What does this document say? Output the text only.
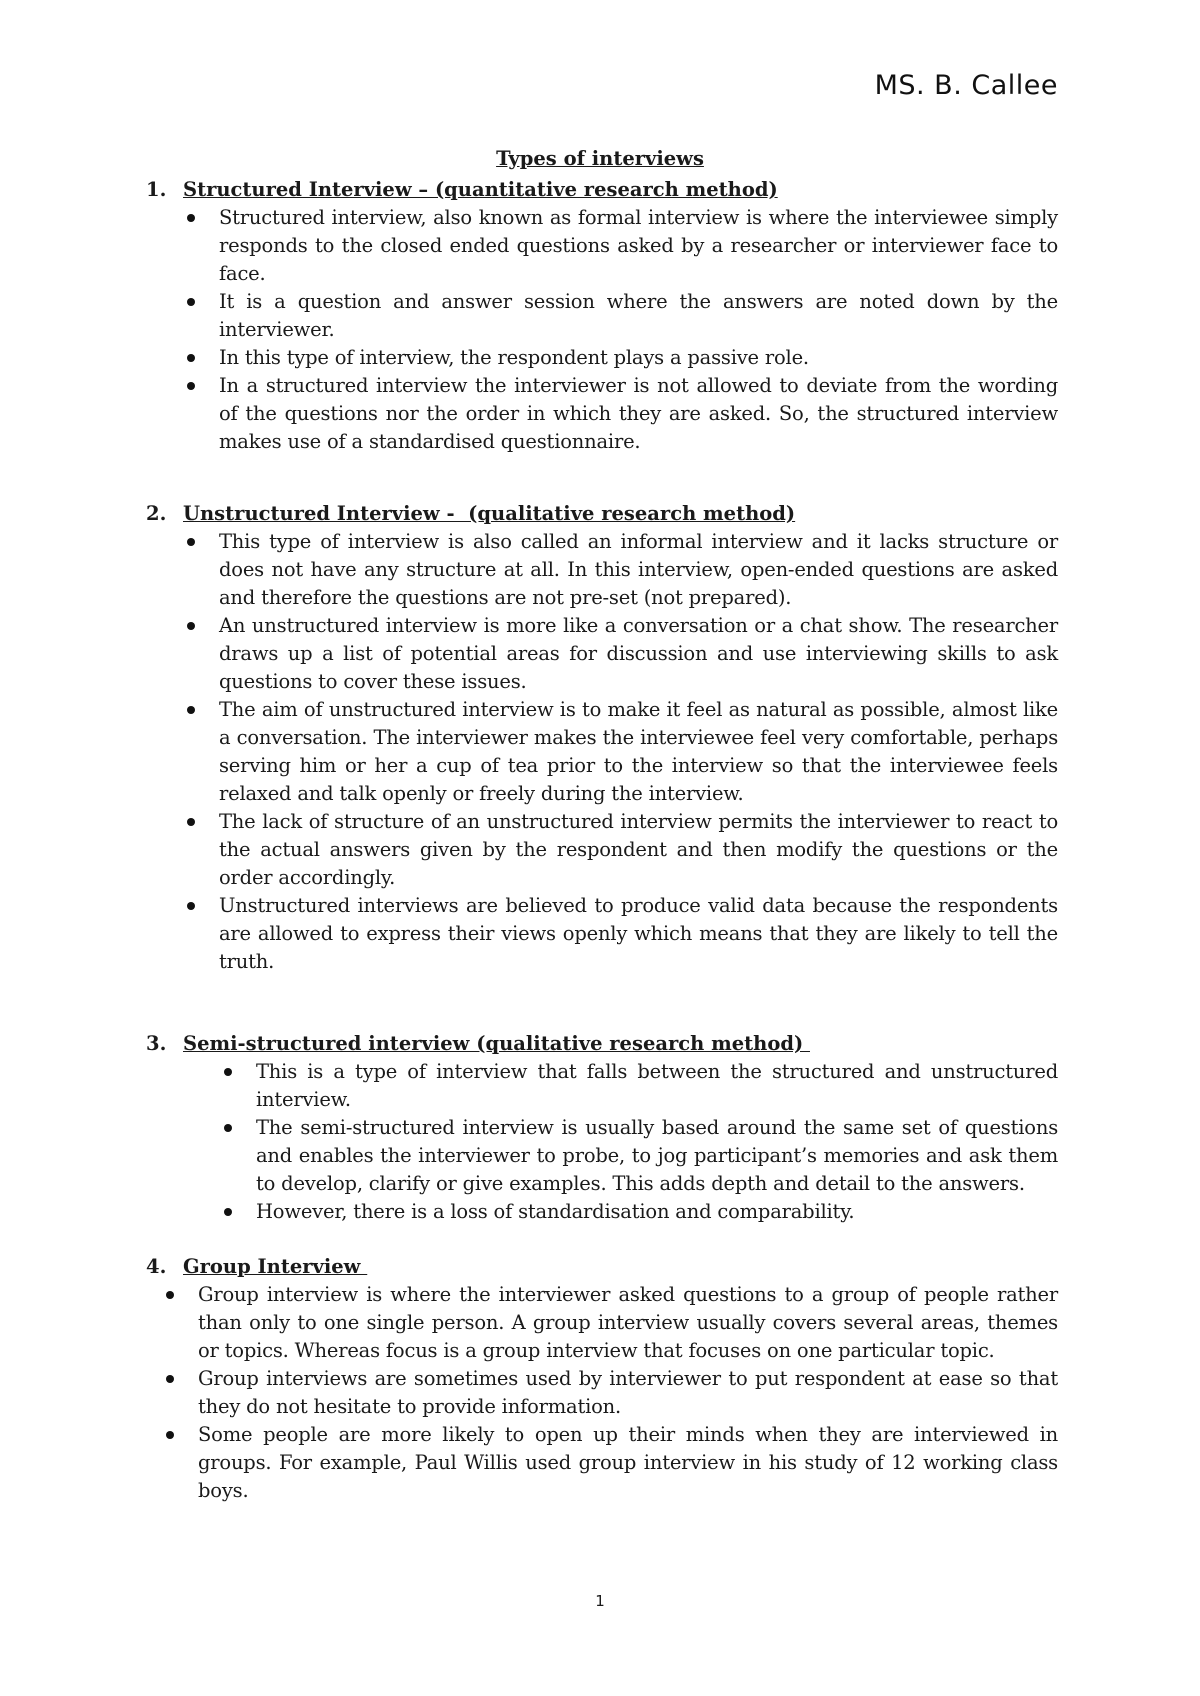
MS. B. Callee
Types of interviews
1. Structured Interview – (quantitative research method)
Structured interview, also known as formal interview is where the interviewee simply responds to the closed ended questions asked by a researcher or interviewer face to face.
It is a question and answer session where the answers are noted down by the interviewer.
In this type of interview, the respondent plays a passive role.
In a structured interview the interviewer is not allowed to deviate from the wording of the questions nor the order in which they are asked. So, the structured interview makes use of a standardised questionnaire.
2. Unstructured Interview -  (qualitative research method)
This type of interview is also called an informal interview and it lacks structure or does not have any structure at all. In this interview, open-ended questions are asked and therefore the questions are not pre-set (not prepared).
An unstructured interview is more like a conversation or a chat show. The researcher draws up a list of potential areas for discussion and use interviewing skills to ask questions to cover these issues.
The aim of unstructured interview is to make it feel as natural as possible, almost like a conversation. The interviewer makes the interviewee feel very comfortable, perhaps serving him or her a cup of tea prior to the interview so that the interviewee feels relaxed and talk openly or freely during the interview.
The lack of structure of an unstructured interview permits the interviewer to react to the actual answers given by the respondent and then modify the questions or the order accordingly.
Unstructured interviews are believed to produce valid data because the respondents are allowed to express their views openly which means that they are likely to tell the truth.
3. Semi-structured interview (qualitative research method)
This is a type of interview that falls between the structured and unstructured interview.
The semi-structured interview is usually based around the same set of questions and enables the interviewer to probe, to jog participant’s memories and ask them to develop, clarify or give examples. This adds depth and detail to the answers.
However, there is a loss of standardisation and comparability.
4. Group Interview
Group interview is where the interviewer asked questions to a group of people rather than only to one single person. A group interview usually covers several areas, themes or topics. Whereas focus is a group interview that focuses on one particular topic.
Group interviews are sometimes used by interviewer to put respondent at ease so that they do not hesitate to provide information.
Some people are more likely to open up their minds when they are interviewed in groups. For example, Paul Willis used group interview in his study of 12 working class boys.
1
